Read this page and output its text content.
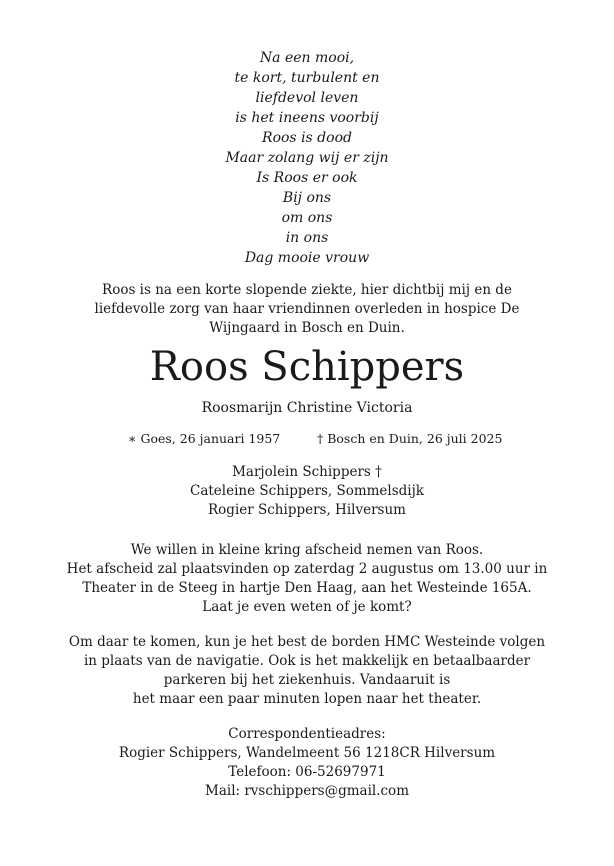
Na een mooi,
te kort, turbulent en
liefdevol leven
is het ineens voorbij
Roos is dood
Maar zolang wij er zijn
Is Roos er ook
Bij ons
om ons
in ons
Dag mooie vrouw
Roos is na een korte slopende ziekte, hier dichtbij mij en de
liefdevolle zorg van haar vriendinnen overleden in hospice De
Wijngaard in Bosch en Duin.
Roos Schippers
Roosmarijn Christine Victoria
∗ Goes, 26 januari 1957	† Bosch en Duin, 26 juli 2025
Marjolein Schippers †
Cateleine Schippers, Sommelsdijk
Rogier Schippers, Hilversum
We willen in kleine kring afscheid nemen van Roos.
Het afscheid zal plaatsvinden op zaterdag 2 augustus om 13.00 uur in
Theater in de Steeg in hartje Den Haag, aan het Westeinde 165A.
Laat je even weten of je komt?
Om daar te komen, kun je het best de borden HMC Westeinde volgen
in plaats van de navigatie. Ook is het makkelijk en betaalbaarder
parkeren bij het ziekenhuis. Vandaaruit is
het maar een paar minuten lopen naar het theater.
Correspondentieadres:
Rogier Schippers, Wandelmeent 56 1218CR Hilversum
Telefoon: 06-52697971
Mail: rvschippers@gmail.com
